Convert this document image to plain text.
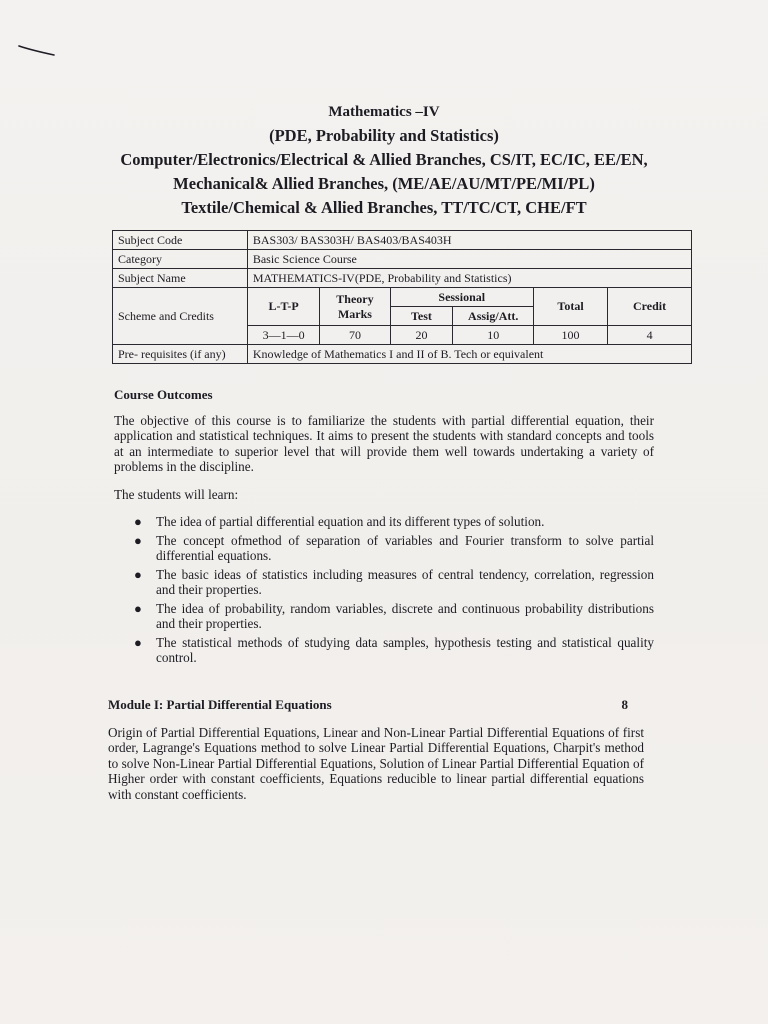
Mathematics –IV
(PDE, Probability and Statistics)
Computer/Electronics/Electrical & Allied Branches, CS/IT, EC/IC, EE/EN,
Mechanical& Allied Branches, (ME/AE/AU/MT/PE/MI/PL)
Textile/Chemical & Allied Branches, TT/TC/CT, CHE/FT
Subject Code	BAS303/ BAS303H/ BAS403/BAS403H					
Category	Basic Science Course					
Subject Name	MATHEMATICS-IV(PDE, Probability and Statistics)					
Scheme and Credits	L-T-P	Theory Marks	Sessional		Total	Credit
			Test	Assig/Att.		
	3—1—0	70	20	10	100	4
Pre- requisites (if any)	Knowledge of Mathematics I and II of B. Tech or equivalent					
Course Outcomes
The objective of this course is to familiarize the students with partial differential equation, their application and statistical techniques. It aims to present the students with standard concepts and tools at an intermediate to superior level that will provide them well towards undertaking a variety of problems in the discipline.
The students will learn:
● The idea of partial differential equation and its different types of solution.
● The concept ofmethod of separation of variables and Fourier transform to solve partial differential equations.
● The basic ideas of statistics including measures of central tendency, correlation, regression and their properties.
● The idea of probability, random variables, discrete and continuous probability distributions and their properties.
● The statistical methods of studying data samples, hypothesis testing and statistical quality control.
Module I: Partial Differential Equations	8
Origin of Partial Differential Equations, Linear and Non-Linear Partial Differential Equations of first order, Lagrange's Equations method to solve Linear Partial Differential Equations, Charpit's method to solve Non-Linear Partial Differential Equations, Solution of Linear Partial Differential Equation of Higher order with constant coefficients, Equations reducible to linear partial differential equations with constant coefficients.
